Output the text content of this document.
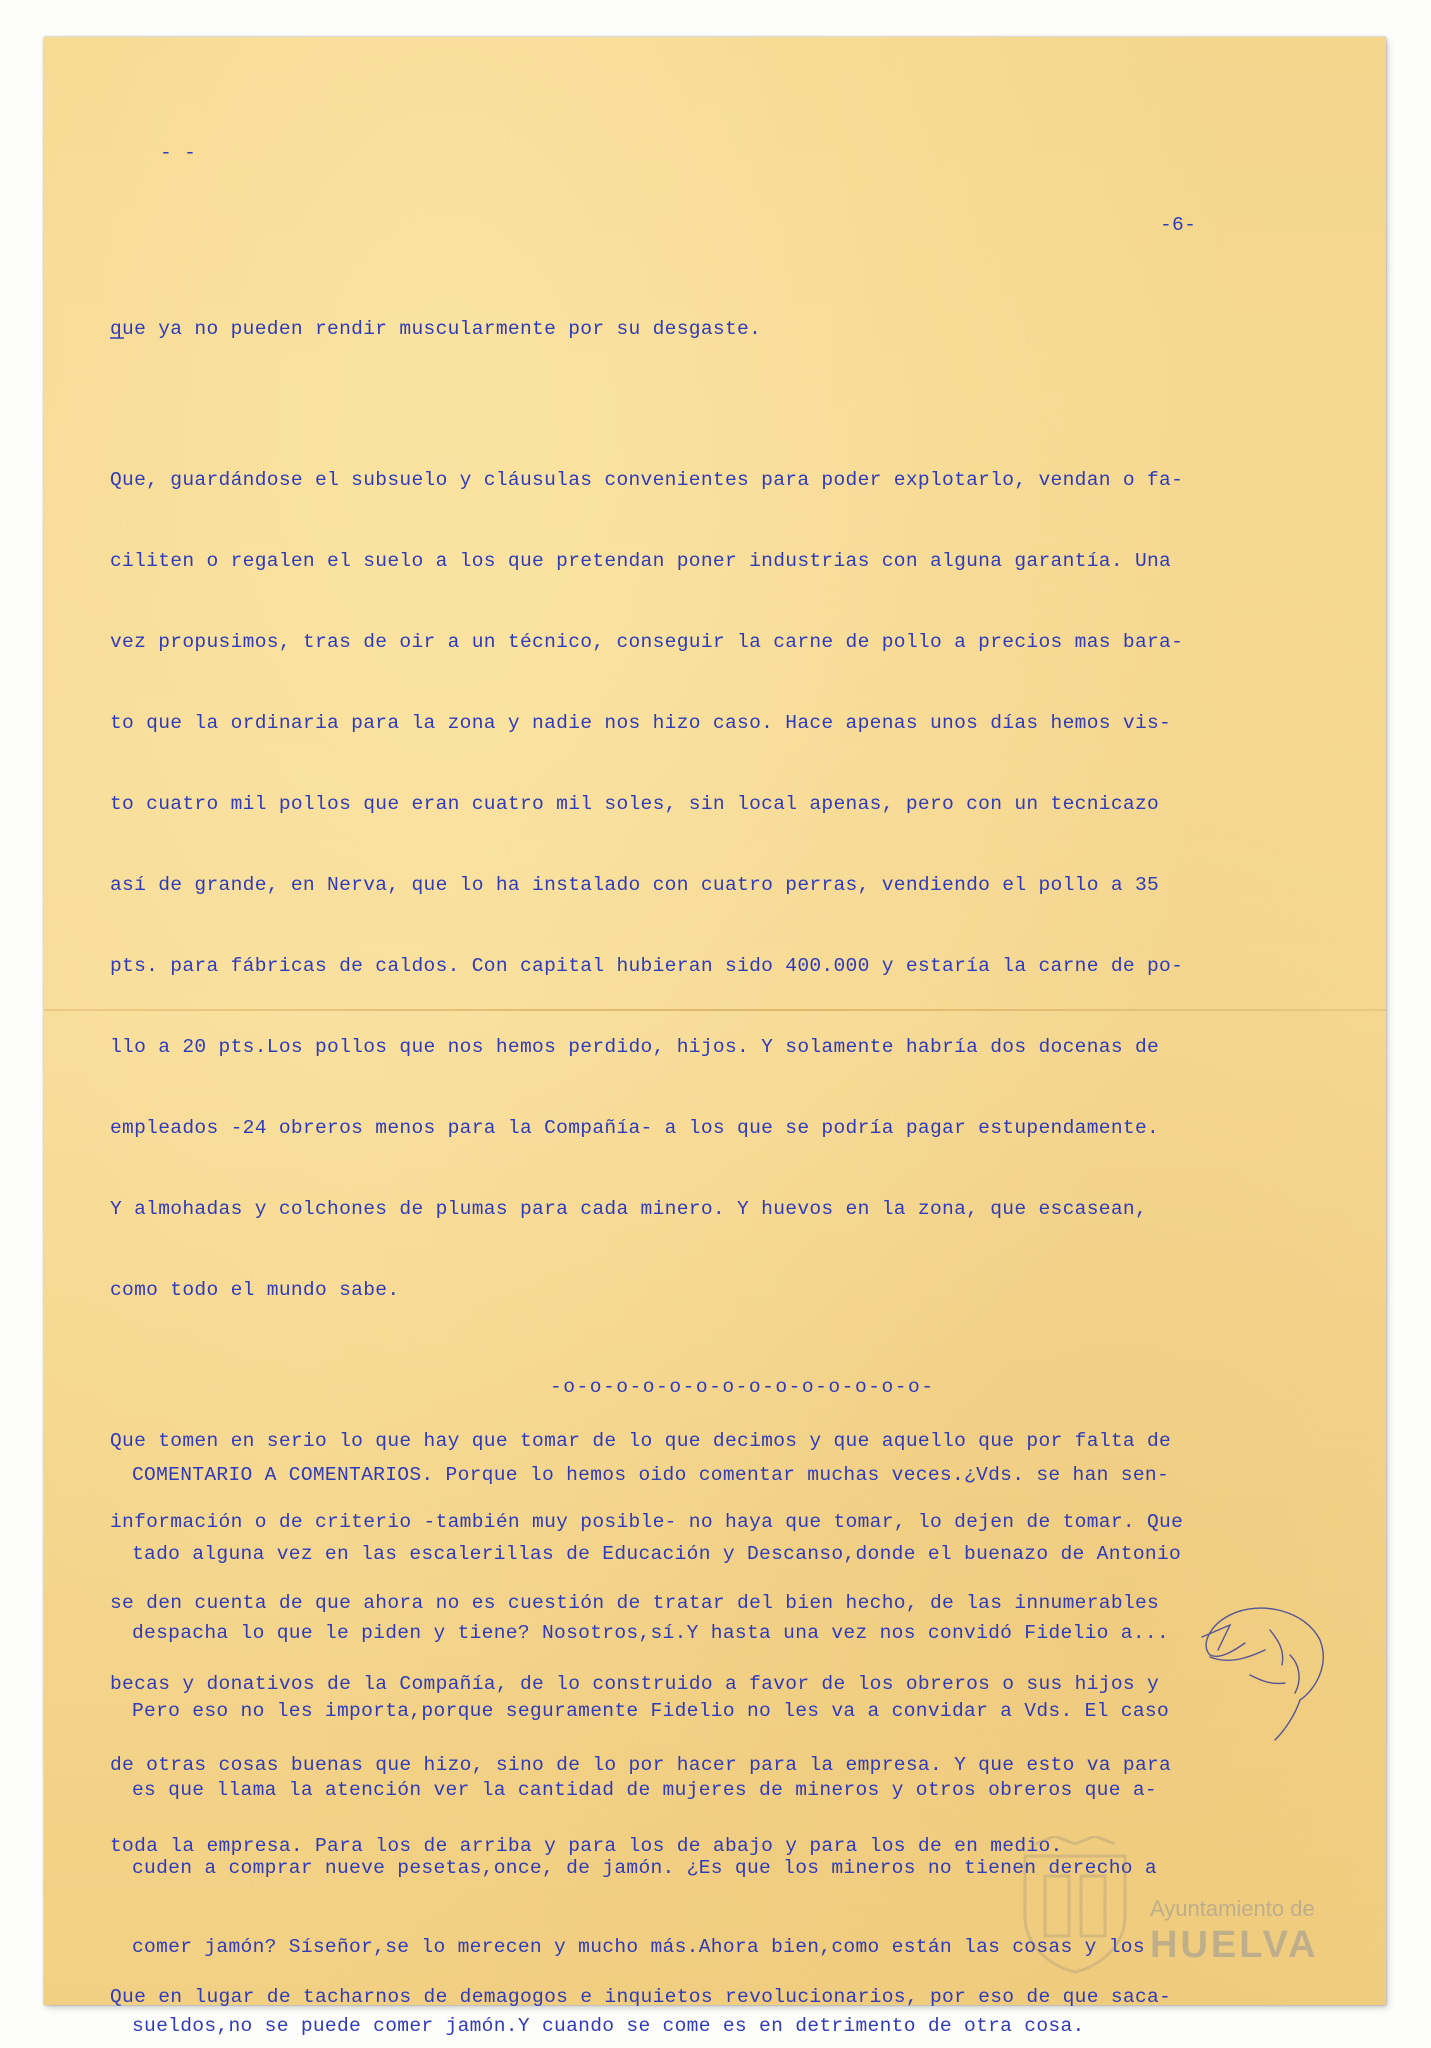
- -
-6-

que ya no pueden rendir muscularmente por su desgaste.

Que, guardándose el subsuelo y cláusulas convenientes para poder explotarlo, vendan o fa-

ciliten o regalen el suelo a los que pretendan poner industrias con alguna garantía. Una

vez propusimos, tras de oir a un técnico, conseguir la carne de pollo a precios mas bara-

to que la ordinaria para la zona y nadie nos hizo caso. Hace apenas unos días hemos vis-

to cuatro mil pollos que eran cuatro mil soles, sin local apenas, pero con un tecnicazo

así de grande, en Nerva, que lo ha instalado con cuatro perras, vendiendo el pollo a 35

pts. para fábricas de caldos. Con capital hubieran sido 400.000 y estaría la carne de po-

llo a 20 pts.Los pollos que nos hemos perdido, hijos. Y solamente habría dos docenas de

empleados -24 obreros menos para la Compañía- a los que se podría pagar estupendamente.

Y almohadas y colchones de plumas para cada minero. Y huevos en la zona, que escasean,

como todo el mundo sabe.

Que tomen en serio lo que hay que tomar de lo que decimos y que aquello que por falta de

información o de criterio -también muy posible- no haya que tomar, lo dejen de tomar. Que

se den cuenta de que ahora no es cuestión de tratar del bien hecho, de las innumerables

becas y donativos de la Compañía, de lo construido a favor de los obreros o sus hijos y

de otras cosas buenas que hizo, sino de lo por hacer para la empresa. Y que esto va para

toda la empresa. Para los de arriba y para los de abajo y para los de en medio.

Que en lugar de tacharnos de demagogos e inquietos revolucionarios, por eso de que saca-

-o-o-o-o-o-o-o-o-o-o-o-o-o-o-

COMENTARIO A COMENTARIOS. Porque lo hemos oido comentar muchas veces.¿Vds. se han sen-

tado alguna vez en las escalerillas de Educación y Descanso,donde el buenazo de Antonio

despacha lo que le piden y tiene? Nosotros,sí.Y hasta una vez nos convidó Fidelio a...

Pero eso no les importa,porque seguramente Fidelio no les va a convidar a Vds. El caso

es que llama la atención ver la cantidad de mujeres de mineros y otros obreros que a-

cuden a comprar nueve pesetas,once, de jamón. ¿Es que los mineros no tienen derecho a

comer jamón? Síseñor,se lo merecen y mucho más.Ahora bien,como están las cosas y los

sueldos,no se puede comer jamón.Y cuando se come es en detrimento de otra cosa.

Ayuntamiento de
HUELVA
